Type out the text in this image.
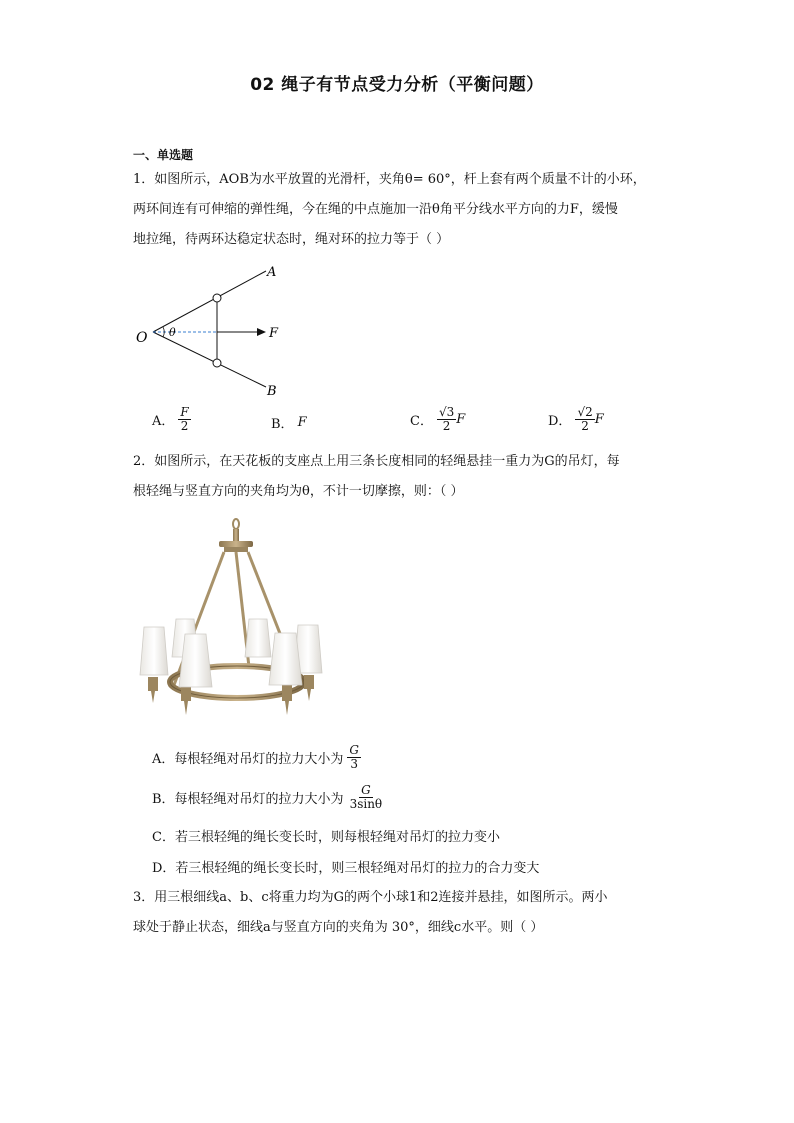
02 绳子有节点受力分析（平衡问题）
一、单选题
1．如图所示，AOB为水平放置的光滑杆，夹角θ= 60°，杆上套有两个质量不计的小环，
两环间连有可伸缩的弹性绳，今在绳的中点施加一沿θ角平分线水平方向的力F，缓慢
地拉绳，待两环达稳定状态时，绳对环的拉力等于（ ）
O θ
A
B
F
A． $\frac{F}{2}$	B． F	C． $\frac{√3}{2}$ F	D． $\frac{√2}{2}$ F
2．如图所示，在天花板的支座点上用三条长度相同的轻绳悬挂一重力为G的吊灯，每
根轻绳与竖直方向的夹角均为θ，不计一切摩擦，则：（ ）
A．每根轻绳对吊灯的拉力大小为 $\frac{G}{3}$
B．每根轻绳对吊灯的拉力大小为 $\frac{G}{3\sin\theta}$
C．若三根轻绳的绳长变长时，则每根轻绳对吊灯的拉力变小
D．若三根轻绳的绳长变长时，则三根轻绳对吊灯的拉力的合力变大
3．用三根细线a、b、c将重力均为G的两个小球1和2连接并悬挂，如图所示。两小
球处于静止状态，细线a与竖直方向的夹角为 30°，细线c水平。则（ ）
